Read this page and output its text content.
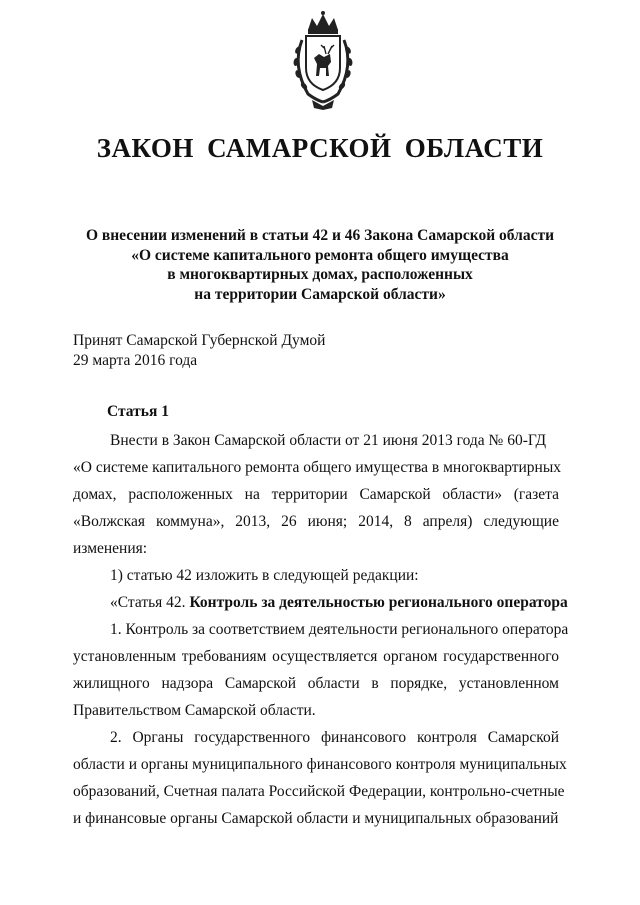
ЗАКОН САМАРСКОЙ ОБЛАСТИ
О внесении изменений в статьи 42 и 46 Закона Самарской области
«О системе капитального ремонта общего имущества
в многоквартирных домах, расположенных
на территории Самарской области»
Принят Самарской Губернской Думой
29 марта 2016 года
Статья 1
Внести в Закон Самарской области от 21 июня 2013 года № 60-ГД
«О системе капитального ремонта общего имущества в многоквартирных
домах, расположенных на территории Самарской области» (газета
«Волжская коммуна», 2013, 26 июня; 2014, 8 апреля) следующие
изменения:
1) статью 42 изложить в следующей редакции:
«Статья 42. Контроль за деятельностью регионального оператора
1. Контроль за соответствием деятельности регионального оператора
установленным требованиям осуществляется органом государственного
жилищного надзора Самарской области в порядке, установленном
Правительством Самарской области.
2. Органы государственного финансового контроля Самарской
области и органы муниципального финансового контроля муниципальных
образований, Счетная палата Российской Федерации, контрольно-счетные
и финансовые органы Самарской области и муниципальных образований
